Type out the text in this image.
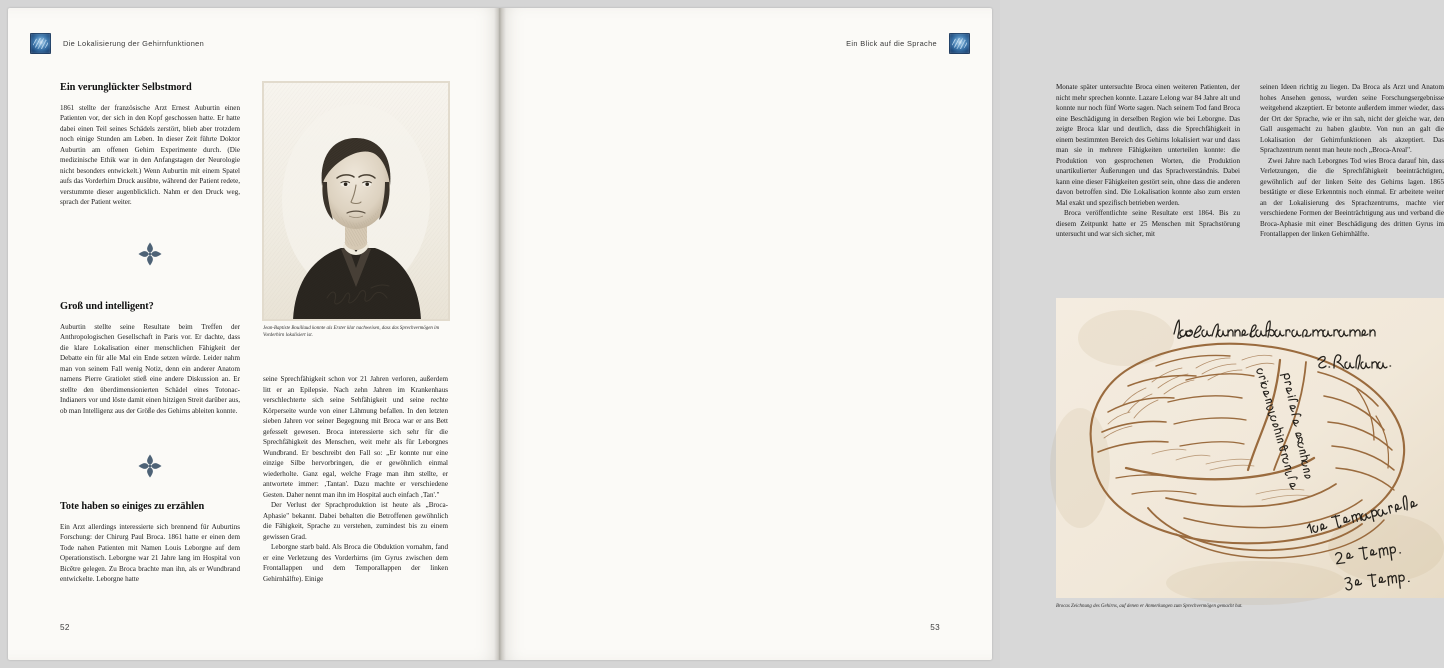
Die Lokalisierung der Gehirnfunktionen
Ein verunglückter Selbstmord

1861 stellte der französische Arzt Ernest Auburtin einen Patienten vor, der sich in den Kopf geschossen hatte. Er hatte dabei einen Teil seines Schädels zerstört, blieb aber trotzdem noch einige Stunden am Leben. In dieser Zeit führte Doktor Auburtin am offenen Gehirn Experimente durch. (Die medizinische Ethik war in den Anfangstagen der Neurologie nicht besonders entwickelt.) Wenn Auburtin mit einem Spatel aufs das Vorderhirn Druck ausübte, während der Patient redete, verstummte dieser augenblicklich. Nahm er den Druck weg, sprach der Patient weiter.

Groß und intelligent?

Auburtin stellte seine Resultate beim Treffen der Anthropologischen Gesellschaft in Paris vor. Er dachte, dass die klare Lokalisation einer menschlichen Fähigkeit der Debatte ein für alle Mal ein Ende setzen würde. Leider nahm man von seinem Fall wenig Notiz, denn ein anderer Anatom namens Pierre Gratiolet stieß eine andere Diskussion an. Er stellte den überdimensionierten Schädel eines Totonac-Indianers vor und löste damit einen hitzigen Streit darüber aus, ob man Intelligenz aus der Größe des Gehirns ableiten konnte.

Tote haben so einiges zu erzählen

Ein Arzt allerdings interessierte sich brennend für Auburtins Forschung: der Chirurg Paul Broca. 1861 hatte er einen dem Tode nahen Patienten mit Namen Louis Leborgne auf dem Operationstisch. Leborgne war 21 Jahre lang im Hospital von Bicêtre gelegen. Zu Broca brachte man ihn, als er Wundbrand entwickelte. Leborgne hatte

Jean-Baptiste Bouillaud konnte als Erster klar nachweisen, dass das Sprechvermögen im Vorderhirn lokalisiert ist.

seine Sprechfähigkeit schon vor 21 Jahren verloren, außerdem litt er an Epilepsie. Nach zehn Jahren im Krankenhaus verschlechterte sich seine Sehfähigkeit und seine rechte Körperseite wurde von einer Lähmung befallen. In den letzten sieben Jahren vor seiner Begegnung mit Broca war er ans Bett gefesselt gewesen. Broca interessierte sich sehr für die Sprechfähigkeit des Menschen, weit mehr als für Leborgnes Wundbrand. Er beschreibt den Fall so: „Er konnte nur eine einzige Silbe hervorbringen, die er gewöhnlich einmal wiederholte. Ganz egal, welche Frage man ihm stellte, er antwortete immer: ‚Tantan'. Dazu machte er verschiedene Gesten. Daher nennt man ihn im Hospital auch einfach ‚Tan'."

Der Verlust der Sprachproduktion ist heute als „Broca-Aphasie" bekannt. Dabei behalten die Betroffenen gewöhnlich die Fähigkeit, Sprache zu verstehen, zumindest bis zu einem gewissen Grad.

Leborgne starb bald. Als Broca die Obduktion vornahm, fand er eine Verletzung des Vorderhirns (im Gyrus zwischen dem Frontallappen und dem Temporallappen der linken Gehirnhälfte). Einige

52
Ein Blick auf die Sprache

Monate später untersuchte Broca einen weiteren Patienten, der nicht mehr sprechen konnte. Lazare Lelong war 84 Jahre alt und konnte nur noch fünf Worte sagen. Nach seinem Tod fand Broca eine Beschädigung in derselben Region wie bei Leborgne. Das zeigte Broca klar und deutlich, dass die Sprechfähigkeit in einem bestimmten Bereich des Gehirns lokalisiert war und dass man sie in mehrere Fähigkeiten unterteilen konnte: die Produktion von gesprochenen Worten, die Produktion unartikulierter Äußerungen und das Sprachverständnis. Dabei kann eine dieser Fähigkeiten gestört sein, ohne dass die anderen davon betroffen sind. Die Lokalisation konnte also zum ersten Mal exakt und spezifisch betrieben werden.

Broca veröffentlichte seine Resultate erst 1864. Bis zu diesem Zeitpunkt hatte er 25 Menschen mit Sprachstörung untersucht und war sich sicher, mit

seinen Ideen richtig zu liegen. Da Broca als Arzt und Anatom hohes Ansehen genoss, wurden seine Forschungsergebnisse weitgehend akzeptiert. Er betonte außerdem immer wieder, dass der Ort der Sprache, wie er ihn sah, nicht der gleiche war, den Gall ausgemacht zu haben glaubte. Von nun an galt die Lokalisation der Gehirnfunktionen als akzeptiert. Das Sprachzentrum nennt man heute noch „Broca-Areal".

Zwei Jahre nach Leborgnes Tod wies Broca darauf hin, dass Verletzungen, die die Sprechfähigkeit beeinträchtigten, gewöhnlich auf der linken Seite des Gehirns lagen. 1865 bestätigte er diese Erkenntnis noch einmal. Er arbeitete weiter an der Lokalisierung des Sprachzentrums, machte vier verschiedene Formen der Beeinträchtigung aus und verband die Broca-Aphasie mit einer Beschädigung des dritten Gyrus im Frontallappen der linken Gehirnhälfte.

Brocas Zeichnung des Gehirns, auf denen er Anmerkungen zum Sprechvermögen gemacht hat.
53
